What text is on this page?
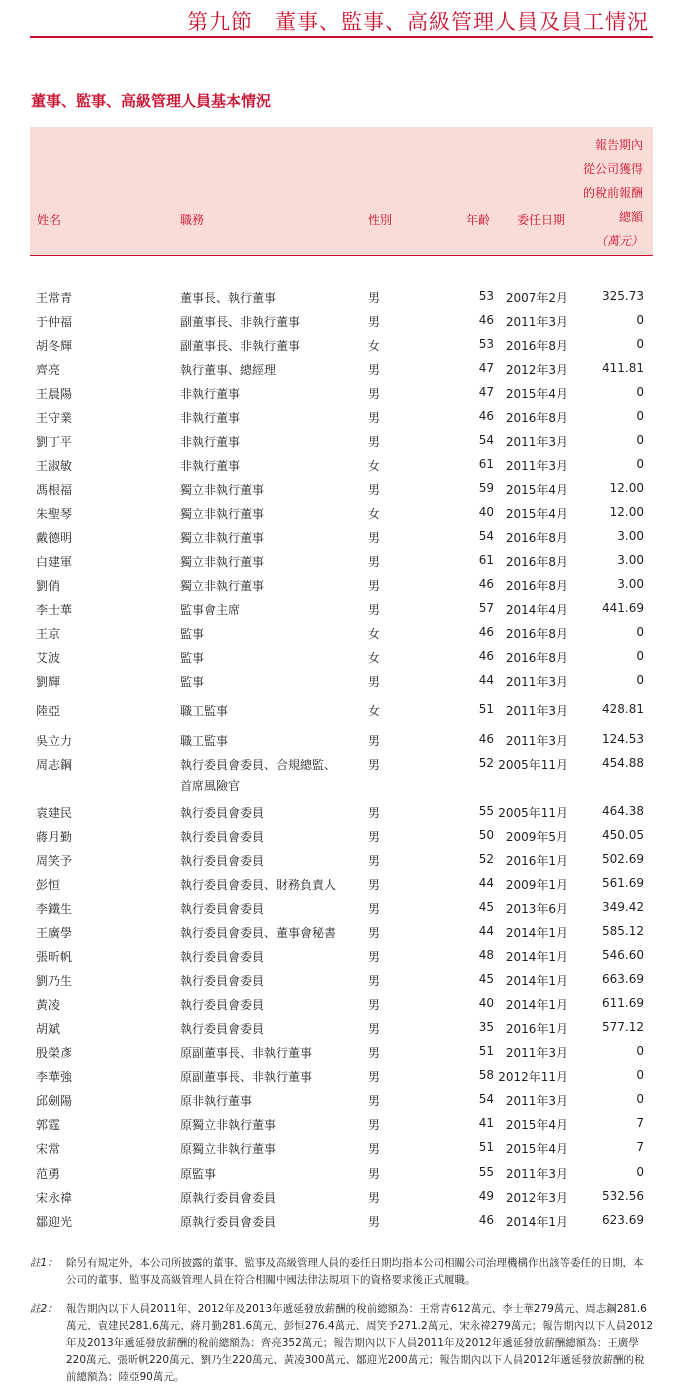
第九節　董事、監事、高級管理人員及員工情況
董事、監事、高級管理人員基本情況
姓名	職務	性別	年齡 委任日期
報告期內
從公司獲得
的稅前報酬
總額
（萬元）
王常青	董事長、執行董事	男	53 2007年2月	325.73
于仲福	副董事長、非執行董事	男	46 2011年3月	0
胡冬輝	副董事長、非執行董事	女	53 2016年8月	0
齊亮	執行董事、總經理	男	47 2012年3月	411.81
王晨陽	非執行董事	男	47 2015年4月	0
王守業	非執行董事	男	46 2016年8月	0
劉丁平	非執行董事	男	54 2011年3月	0
王淑敏	非執行董事	女	61 2011年3月	0
馮根福	獨立非執行董事	男	59 2015年4月	12.00
朱聖琴	獨立非執行董事	女	40 2015年4月	12.00
戴德明	獨立非執行董事	男	54 2016年8月	3.00
白建軍	獨立非執行董事	男	61 2016年8月	3.00
劉俏	獨立非執行董事	男	46 2016年8月	3.00
李士華	監事會主席	男	57 2014年4月	441.69
王京	監事	女	46 2016年8月	0
艾波	監事	女	46 2016年8月	0
劉輝	監事	男	44 2011年3月	0
陸亞	職工監事	女	51 2011年3月	428.81
吳立力	職工監事	男	46 2011年3月	124.53
周志鋼	執行委員會委員、合規總監、	男	52 2005年11月	454.88
首席風險官
袁建民	執行委員會委員	男	55 2005年11月	464.38
蔣月勤	執行委員會委員	男	50 2009年5月	450.05
周笑予	執行委員會委員	男	52 2016年1月	502.69
彭恒	執行委員會委員、財務負責人	男	44 2009年1月	561.69
李鐵生	執行委員會委員	男	45 2013年6月	349.42
王廣學	執行委員會委員、董事會秘書	男	44 2014年1月	585.12
張昕帆	執行委員會委員	男	48 2014年1月	546.60
劉乃生	執行委員會委員	男	45 2014年1月	663.69
黃凌	執行委員會委員	男	40 2014年1月	611.69
胡斌	執行委員會委員	男	35 2016年1月	577.12
殷榮彥	原副董事長、非執行董事	男	51 2011年3月	0
李華強	原副董事長、非執行董事	男	58 2012年11月	0
邱劍陽	原非執行董事	男	54 2011年3月	0
郭霆	原獨立非執行董事	男	41 2015年4月	7
宋常	原獨立非執行董事	男	51 2015年4月	7
范勇	原監事	男	55 2011年3月	0
宋永禕	原執行委員會委員	男	49 2012年3月	532.56
鄒迎光	原執行委員會委員	男	46 2014年1月	623.69
註1： 除另有規定外，本公司所披露的董事、監事及高級管理人員的委任日期均指本公司相關公司治理機構作出該等委任的日期，本公司的董事、監事及高級管理人員在符合相關中國法律法規項下的資格要求後正式履職。
註2： 報告期內以下人員2011年、2012年及2013年遞延發放薪酬的稅前總額為：王常青612萬元、李士華279萬元、周志鋼281.6萬元、袁建民281.6萬元、蔣月勤281.6萬元、彭恒276.4萬元、周笑予271.2萬元、宋永禕279萬元；報告期內以下人員2012年及2013年遞延發放薪酬的稅前總額為：齊亮352萬元；報告期內以下人員2011年及2012年遞延發放薪酬總額為：王廣學220萬元、張昕帆220萬元、劉乃生220萬元、黃凌300萬元、鄒迎光200萬元；報告期內以下人員2012年遞延發放薪酬的稅前總額為：陸亞90萬元。
